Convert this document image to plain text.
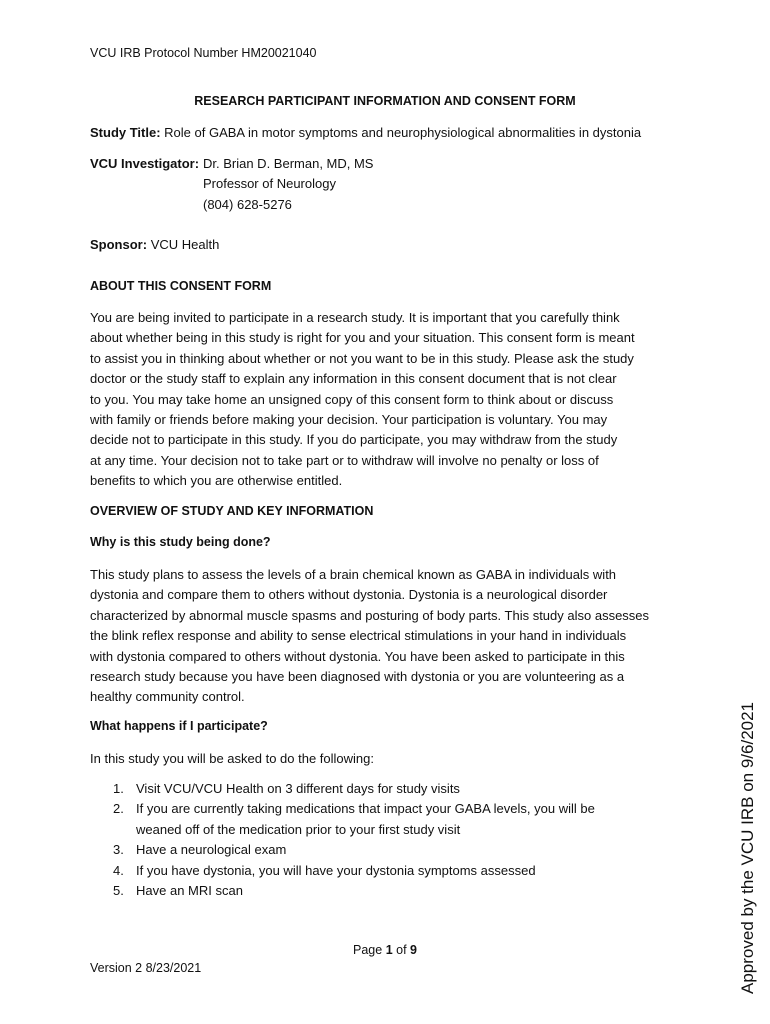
VCU IRB Protocol Number HM20021040
RESEARCH PARTICIPANT INFORMATION AND CONSENT FORM
Study Title: Role of GABA in motor symptoms and neurophysiological abnormalities in dystonia
VCU Investigator: Dr. Brian D. Berman, MD, MS
Professor of Neurology
(804) 628-5276
Sponsor: VCU Health
ABOUT THIS CONSENT FORM
You are being invited to participate in a research study. It is important that you carefully think
about whether being in this study is right for you and your situation. This consent form is meant
to assist you in thinking about whether or not you want to be in this study. Please ask the study
doctor or the study staff to explain any information in this consent document that is not clear
to you. You may take home an unsigned copy of this consent form to think about or discuss
with family or friends before making your decision. Your participation is voluntary. You may
decide not to participate in this study. If you do participate, you may withdraw from the study
at any time. Your decision not to take part or to withdraw will involve no penalty or loss of
benefits to which you are otherwise entitled.
OVERVIEW OF STUDY AND KEY INFORMATION
Why is this study being done?
This study plans to assess the levels of a brain chemical known as GABA in individuals with
dystonia and compare them to others without dystonia. Dystonia is a neurological disorder
characterized by abnormal muscle spasms and posturing of body parts. This study also assesses
the blink reflex response and ability to sense electrical stimulations in your hand in individuals
with dystonia compared to others without dystonia. You have been asked to participate in this
research study because you have been diagnosed with dystonia or you are volunteering as a
healthy community control.
What happens if I participate?
In this study you will be asked to do the following:
1. Visit VCU/VCU Health on 3 different days for study visits
2. If you are currently taking medications that impact your GABA levels, you will be
weaned off of the medication prior to your first study visit
3. Have a neurological exam
4. If you have dystonia, you will have your dystonia symptoms assessed
5. Have an MRI scan
Page 1 of 9
Version 2 8/23/2021	Approved by the VCU IRB on 9/6/2021
